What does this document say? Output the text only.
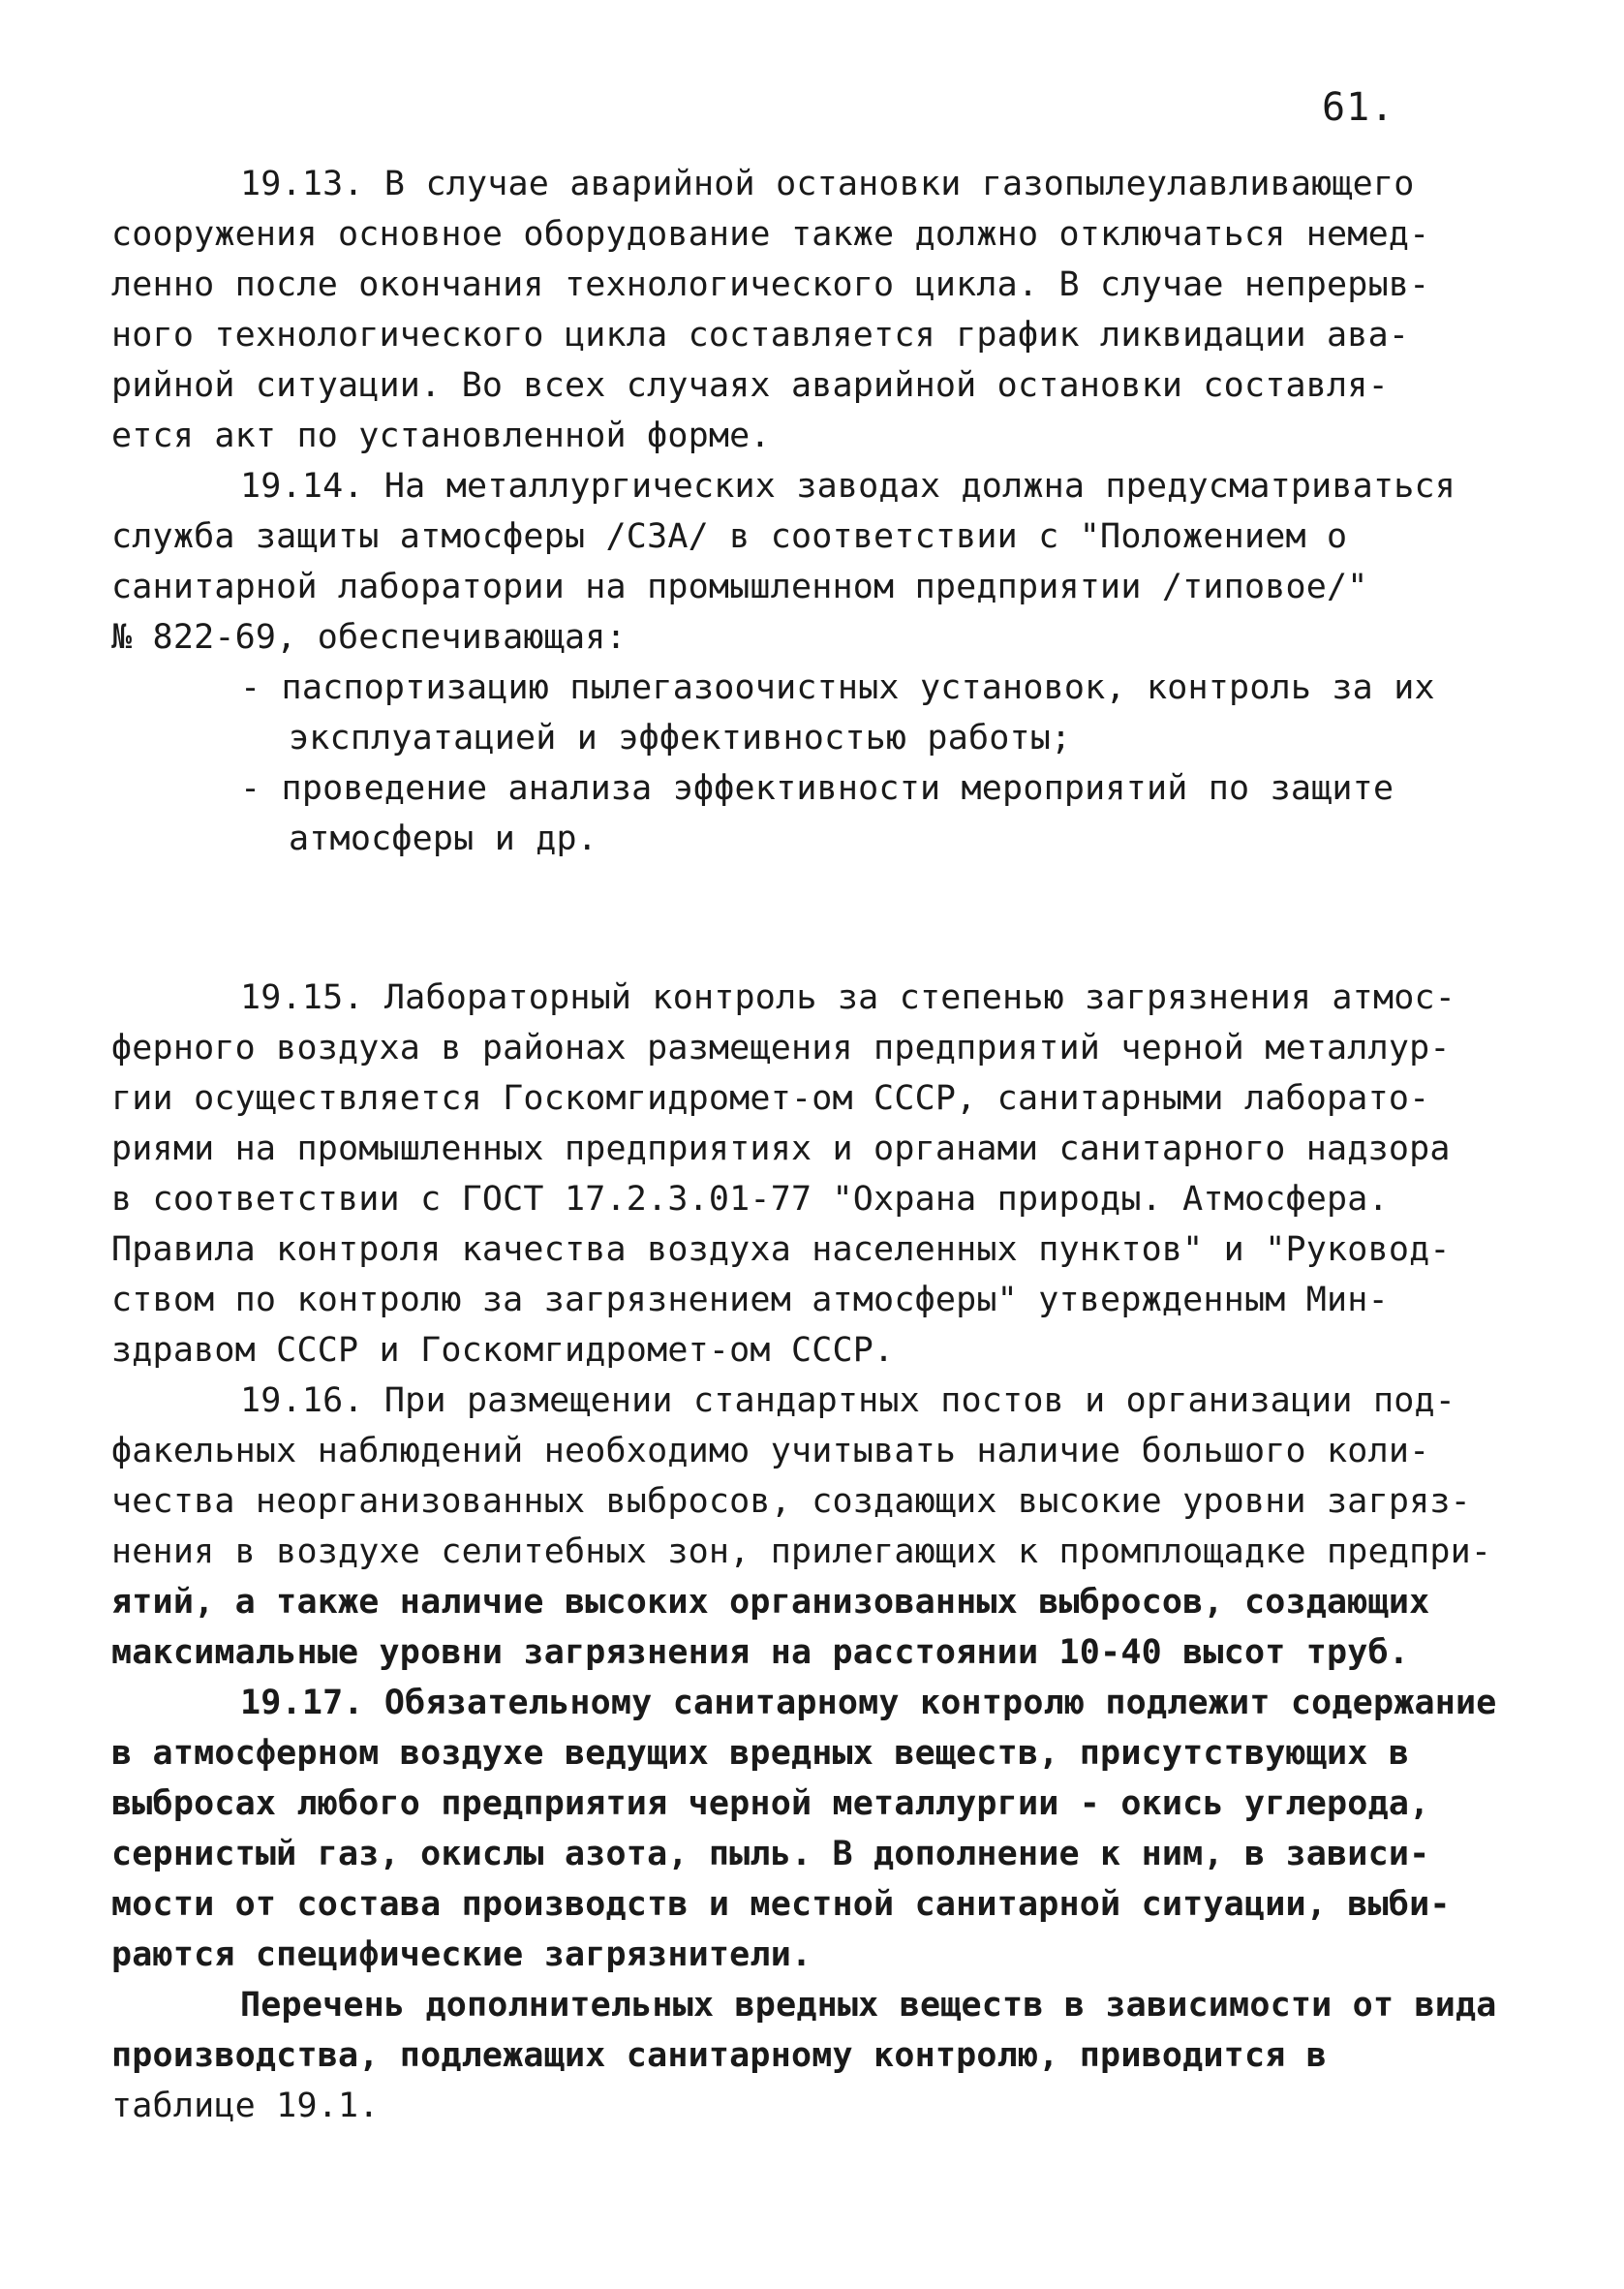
61.
19.13. В случае аварийной остановки газопылеулавливающего
сооружения основное оборудование также должно отключаться немед-
ленно после окончания технологического цикла. В случае непрерыв-
ного технологического цикла составляется график ликвидации ава-
рийной ситуации. Во всех случаях аварийной остановки составля-
ется акт по установленной форме.
19.14. На металлургических заводах должна предусматриваться
служба защиты атмосферы /СЗА/ в соответствии с "Положением о
санитарной лаборатории на промышленном предприятии /типовое/"
№ 822-69, обеспечивающая:
- паспортизацию пылегазоочистных установок, контроль за их
эксплуатацией и эффективностью работы;
- проведение анализа эффективности мероприятий по защите
атмосферы и др.
19.15. Лабораторный контроль за степенью загрязнения атмос-
ферного воздуха в районах размещения предприятий черной металлур-
гии осуществляется Госкомгидромет-ом СССР, санитарными лаборато-
риями на промышленных предприятиях и органами санитарного надзора
в соответствии с ГОСТ 17.2.3.01-77 "Охрана природы. Атмосфера.
Правила контроля качества воздуха населенных пунктов" и "Руковод-
ством по контролю за загрязнением атмосферы" утвержденным Мин-
здравом СССР и Госкомгидромет-ом СССР.
19.16. При размещении стандартных постов и организации под-
факельных наблюдений необходимо учитывать наличие большого коли-
чества неорганизованных выбросов, создающих высокие уровни загряз-
нения в воздухе селитебных зон, прилегающих к промплощадке предпри-
ятий, а также наличие высоких организованных выбросов, создающих
максимальные уровни загрязнения на расстоянии 10-40 высот труб.
19.17. Обязательному санитарному контролю подлежит содержание
в атмосферном воздухе ведущих вредных веществ, присутствующих в
выбросах любого предприятия черной металлургии - окись углерода,
сернистый газ, окислы азота, пыль. В дополнение к ним, в зависи-
мости от состава производств и местной санитарной ситуации, выби-
раются специфические загрязнители.
Перечень дополнительных вредных веществ в зависимости от вида
производства, подлежащих санитарному контролю, приводится в
таблице 19.1.
